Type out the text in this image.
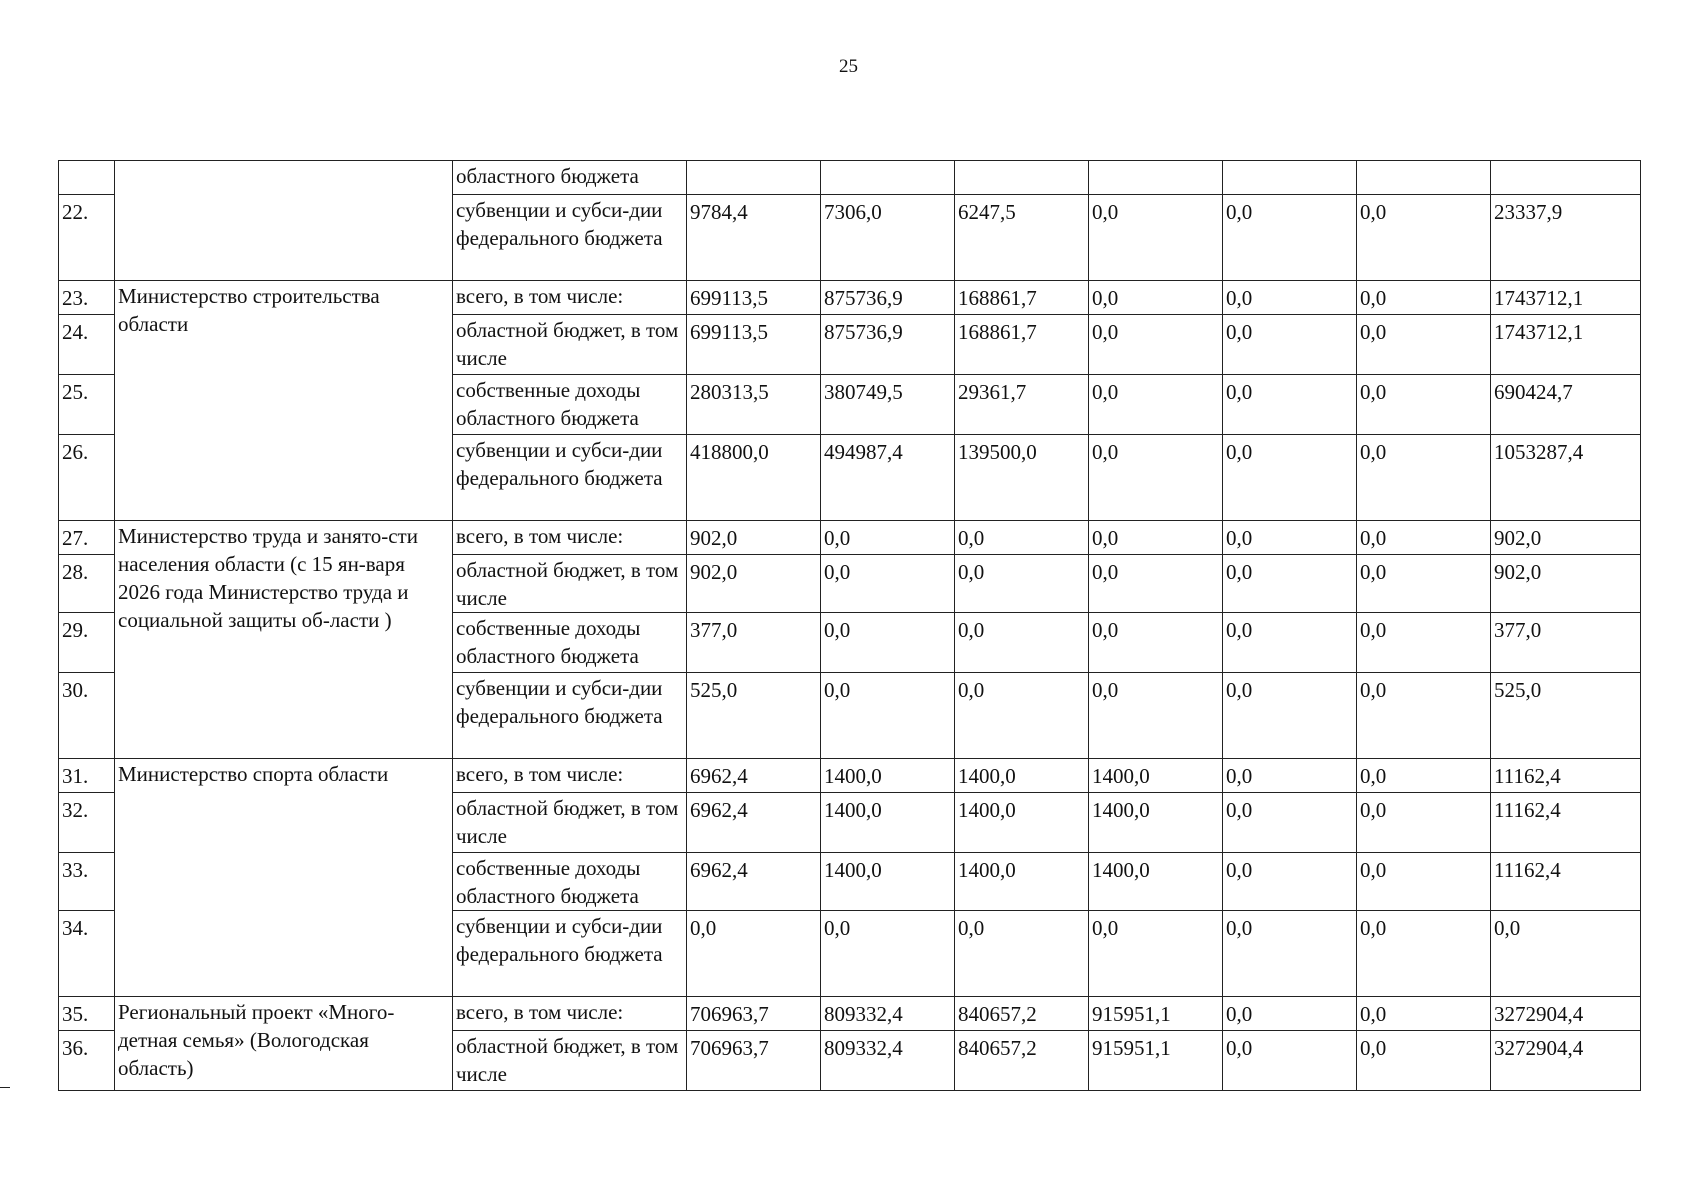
25
		областного бюджета							
22.		субвенции и субси-дии федерального бюджета	9784,4	7306,0	6247,5	0,0	0,0	0,0	23337,9
23.	Министерство строительства области	всего, в том числе:	699113,5	875736,9	168861,7	0,0	0,0	0,0	1743712,1
24.		областной бюджет, в том числе	699113,5	875736,9	168861,7	0,0	0,0	0,0	1743712,1
25.		собственные доходы областного бюджета	280313,5	380749,5	29361,7	0,0	0,0	0,0	690424,7
26.		субвенции и субси-дии федерального бюджета	418800,0	494987,4	139500,0	0,0	0,0	0,0	1053287,4
27.	Министерство труда и занято-сти населения области (с 15 ян-варя 2026 года Министерство труда и социальной защиты об-ласти )	всего, в том числе:	902,0	0,0	0,0	0,0	0,0	0,0	902,0
28.		областной бюджет, в том числе	902,0	0,0	0,0	0,0	0,0	0,0	902,0
29.		собственные доходы областного бюджета	377,0	0,0	0,0	0,0	0,0	0,0	377,0
30.		субвенции и субси-дии федерального бюджета	525,0	0,0	0,0	0,0	0,0	0,0	525,0
31.	Министерство спорта области	всего, в том числе:	6962,4	1400,0	1400,0	1400,0	0,0	0,0	11162,4
32.		областной бюджет, в том числе	6962,4	1400,0	1400,0	1400,0	0,0	0,0	11162,4
33.		собственные доходы областного бюджета	6962,4	1400,0	1400,0	1400,0	0,0	0,0	11162,4
34.		субвенции и субси-дии федерального бюджета	0,0	0,0	0,0	0,0	0,0	0,0	0,0
35.	Региональный проект «Много-детная семья» (Вологодская область)	всего, в том числе:	706963,7	809332,4	840657,2	915951,1	0,0	0,0	3272904,4
36.		областной бюджет, в том числе	706963,7	809332,4	840657,2	915951,1	0,0	0,0	3272904,4
